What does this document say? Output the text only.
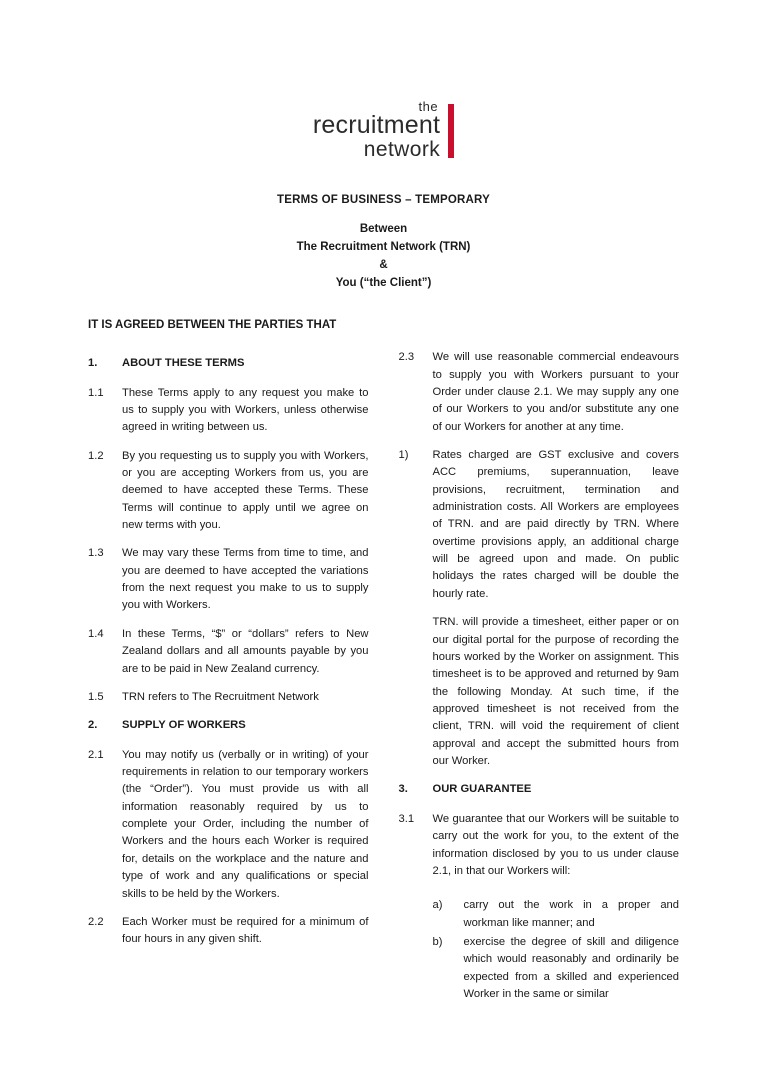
the
recruitment
network
TERMS OF BUSINESS – TEMPORARY
Between
The Recruitment Network (TRN)
&
You (“the Client”)
IT IS AGREED BETWEEN THE PARTIES THAT
1.	ABOUT THESE TERMS
1.1	These Terms apply to any request you make to us to supply you with Workers, unless otherwise agreed in writing between us.
1.2	By you requesting us to supply you with Workers, or you are accepting Workers from us, you are deemed to have accepted these Terms. These Terms will continue to apply until we agree on new terms with you.
1.3	We may vary these Terms from time to time, and you are deemed to have accepted the variations from the next request you make to us to supply you with Workers.
1.4	In these Terms, “$” or “dollars” refers to New Zealand dollars and all amounts payable by you are to be paid in New Zealand currency.
1.5	TRN refers to The Recruitment Network
2.	SUPPLY OF WORKERS
2.1	You may notify us (verbally or in writing) of your requirements in relation to our temporary workers (the “Order”). You must provide us with all information reasonably required by us to complete your Order, including the number of Workers and the hours each Worker is required for, details on the workplace and the nature and type of work and any qualifications or special skills to be held by the Workers.
2.2	Each Worker must be required for a minimum of four hours in any given shift.
2.3	We will use reasonable commercial endeavours to supply you with Workers pursuant to your Order under clause 2.1. We may supply any one of our Workers to you and/or substitute any one of our Workers for another at any time.
1)	Rates charged are GST exclusive and covers ACC premiums, superannuation, leave provisions, recruitment, termination and administration costs. All Workers are employees of TRN. and are paid directly by TRN. Where overtime provisions apply, an additional charge will be agreed upon and made. On public holidays the rates charged will be double the hourly rate.
TRN. will provide a timesheet, either paper or on our digital portal for the purpose of recording the hours worked by the Worker on assignment. This timesheet is to be approved and returned by 9am the following Monday. At such time, if the approved timesheet is not received from the client, TRN. will void the requirement of client approval and accept the submitted hours from our Worker.
3.	OUR GUARANTEE
3.1	We guarantee that our Workers will be suitable to carry out the work for you, to the extent of the information disclosed by you to us under clause 2.1, in that our Workers will:
a)	carry out the work in a proper and workman like manner; and
b)	exercise the degree of skill and diligence which would reasonably and ordinarily be expected from a skilled and experienced Worker in the same or similar
